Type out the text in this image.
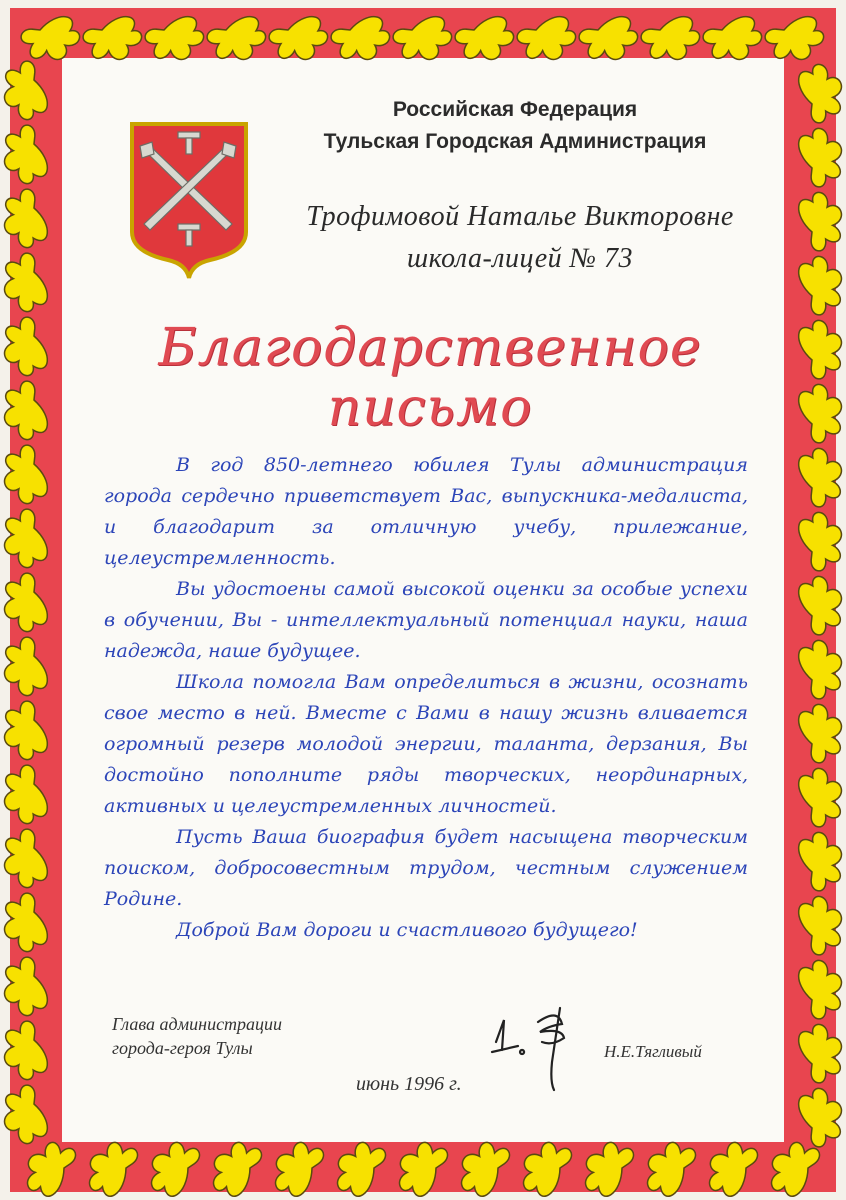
Российская Федерация
Тульская Городская Администрация
Трофимовой Наталье Викторовне
школа-лицей № 73
Благодарственное письмо

В год 850-летнего юбилея Тулы администрация города сердечно приветствует Вас, выпускника-медалиста, и благодарит за отличную учебу, прилежание, целеустремленность.

Вы удостоены самой высокой оценки за особые успехи в обучении, Вы - интеллектуальный потенциал науки, наша надежда, наше будущее.

Школа помогла Вам определиться в жизни, осознать свое место в ней. Вместе с Вами в нашу жизнь вливается огромный резерв молодой энергии, таланта, дерзания, Вы достойно пополните ряды творческих, неординарных, активных и целеустремленных личностей.

Пусть Ваша биография будет насыщена творческим поиском, добросовестным трудом, честным служением Родине.

Доброй Вам дороги и счастливого будущего!

Глава администрации
города-героя Тулы	Н.Е.Тягливый
июнь 1996 г.
